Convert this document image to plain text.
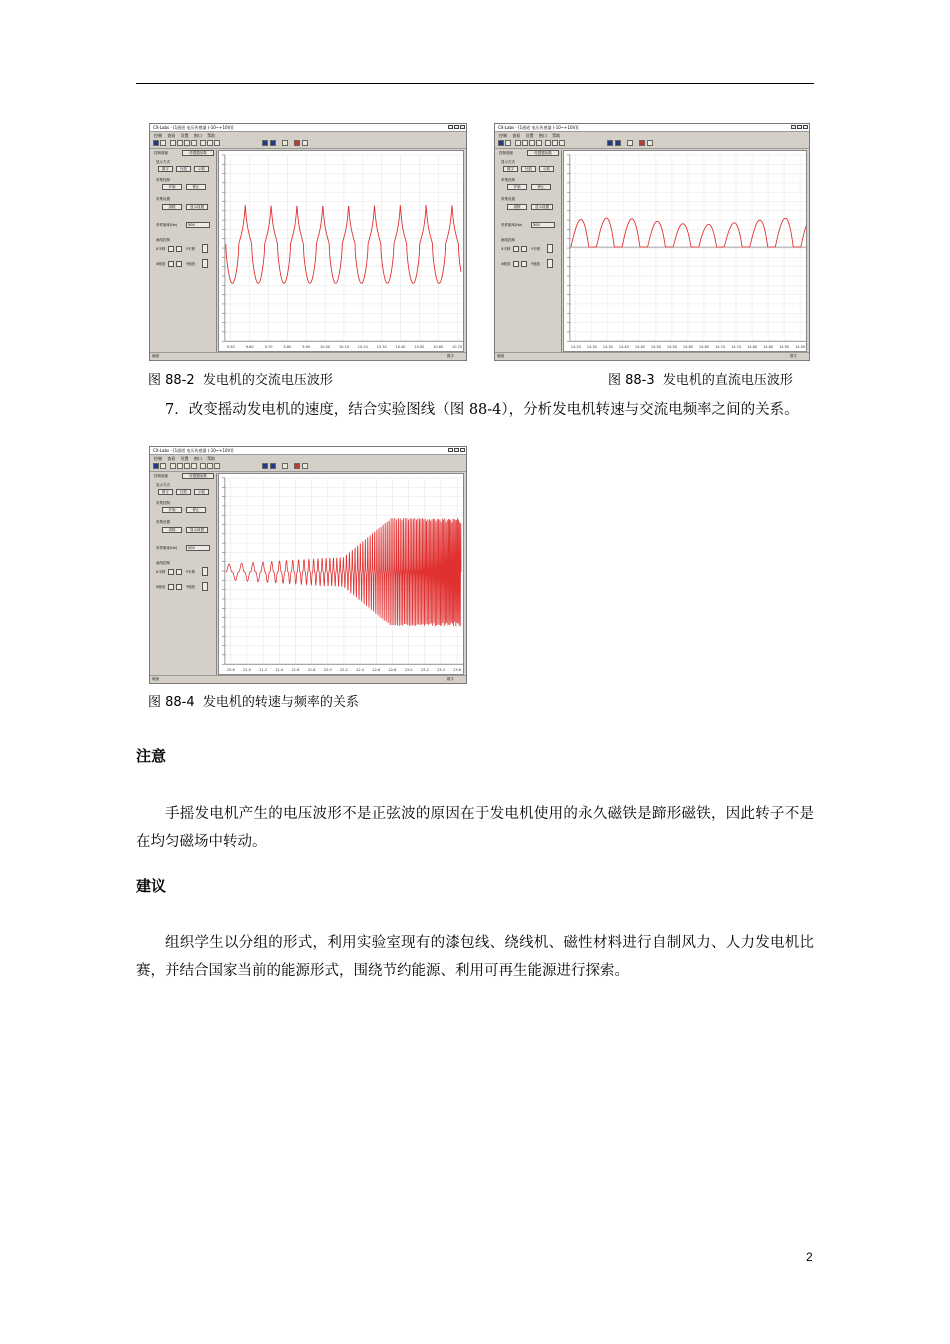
CX-Labs - [1通道 电压传感器 (-10~+10V)]
控制 查看 设置 窗口 帮助
控制面板	传感器参数
显示方式
数字	比较	示波
采集控制
开始	停止
采集设置
清除	显示设置
采样频率(Hz)	500
画线控制
X平移	Y平移
X缩放	Y缩放
9.50	9.60	9.70	9.80	9.90	10.00 10.10 10.20 10.30 10.40 10.50 10.60 10.70
就绪	数字
CX-Labs - [1通道 电压传感器 (-10~+10V)]
控制 查看 设置 窗口 帮助
控制面板	传感器参数
显示方式
数字	比较	示波
采集控制
开始	停止
采集设置
清除	显示设置
采样频率(Hz)	500
画线控制
X平移	Y平移
X缩放	Y缩放
14.20 14.30 14.30 14.40 14.40 14.50 14.50 14.60 14.60 14.70 14.70 14.80 14.80 14.90 14.90
就绪	数字
图 88-2 发电机的交流电压波形	图 88-3 发电机的直流电压波形
7．改变摇动发电机的速度，结合实验图线（图 88-4），分析发电机转速与交流电频率之间的关系。
CX-Labs - [1通道 电压传感器 (-10~+10V)]
控制 查看 设置 窗口 帮助
控制面板	传感器参数
显示方式
数字	比较	示波
采集控制
开始	停止
采集设置
清除	显示设置
采样频率(Hz)	500
画线控制
X平移	Y平移
X缩放	Y缩放
20.8 21.0 21.2 21.4 21.6 21.8 22.0 22.2 22.4 22.6 22.8 23.0 23.2 23.4 23.6
就绪	数字
图 88-4 发电机的转速与频率的关系
注意
手摇发电机产生的电压波形不是正弦波的原因在于发电机使用的永久磁铁是蹄形磁铁，因此转子不是在均匀磁场中转动。
建议
组织学生以分组的形式，利用实验室现有的漆包线、绕线机、磁性材料进行自制风力、人力发电机比赛，并结合国家当前的能源形式，围绕节约能源、利用可再生能源进行探索。
2
